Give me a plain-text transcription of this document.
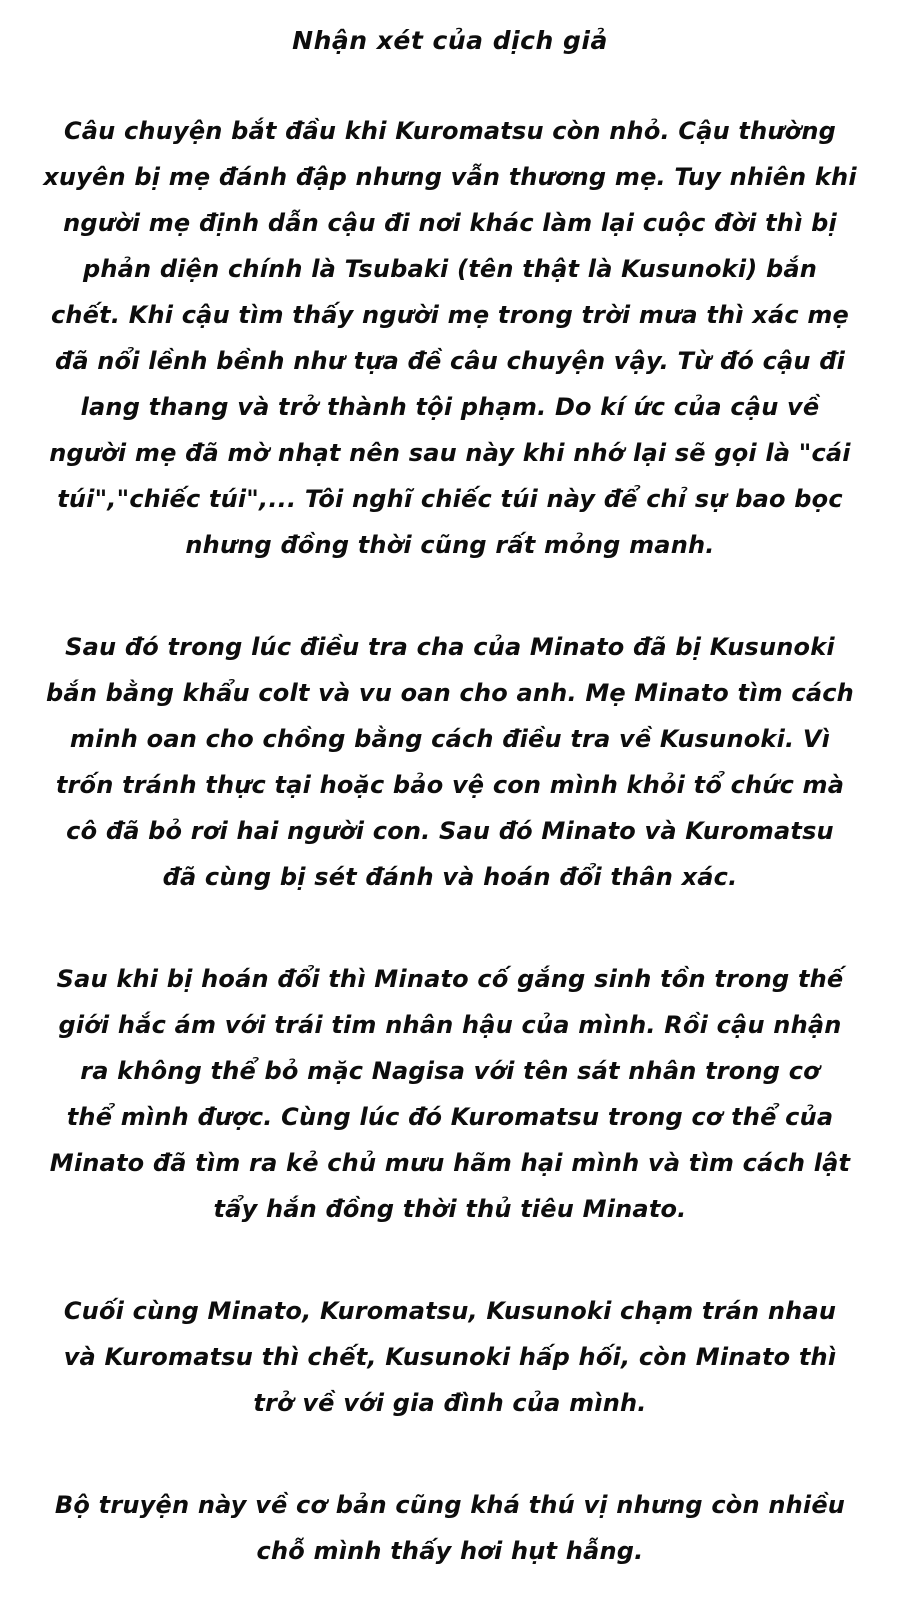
Nhận xét của dịch giả
Câu chuyện bắt đầu khi Kuromatsu còn nhỏ. Cậu thường
xuyên bị mẹ đánh đập nhưng vẫn thương mẹ. Tuy nhiên khi
người mẹ định dẫn cậu đi nơi khác làm lại cuộc đời thì bị
phản diện chính là Tsubaki (tên thật là Kusunoki) bắn
chết. Khi cậu tìm thấy người mẹ trong trời mưa thì xác mẹ
đã nổi lềnh bềnh như tựa đề câu chuyện vậy. Từ đó cậu đi
lang thang và trở thành tội phạm. Do kí ức của cậu về
người mẹ đã mờ nhạt nên sau này khi nhớ lại sẽ gọi là "cái
túi","chiếc túi",... Tôi nghĩ chiếc túi này để chỉ sự bao bọc
nhưng đồng thời cũng rất mỏng manh.
Sau đó trong lúc điều tra cha của Minato đã bị Kusunoki
bắn bằng khẩu colt và vu oan cho anh. Mẹ Minato tìm cách
minh oan cho chồng bằng cách điều tra về Kusunoki. Vì
trốn tránh thực tại hoặc bảo vệ con mình khỏi tổ chức mà
cô đã bỏ rơi hai người con. Sau đó Minato và Kuromatsu
đã cùng bị sét đánh và hoán đổi thân xác.
Sau khi bị hoán đổi thì Minato cố gắng sinh tồn trong thế
giới hắc ám với trái tim nhân hậu của mình. Rồi cậu nhận
ra không thể bỏ mặc Nagisa với tên sát nhân trong cơ
thể mình được. Cùng lúc đó Kuromatsu trong cơ thể của
Minato đã tìm ra kẻ chủ mưu hãm hại mình và tìm cách lật
tẩy hắn đồng thời thủ tiêu Minato.
Cuối cùng Minato, Kuromatsu, Kusunoki chạm trán nhau
và Kuromatsu thì chết, Kusunoki hấp hối, còn Minato thì
trở về với gia đình của mình.
Bộ truyện này về cơ bản cũng khá thú vị nhưng còn nhiều
chỗ mình thấy hơi hụt hẫng.
